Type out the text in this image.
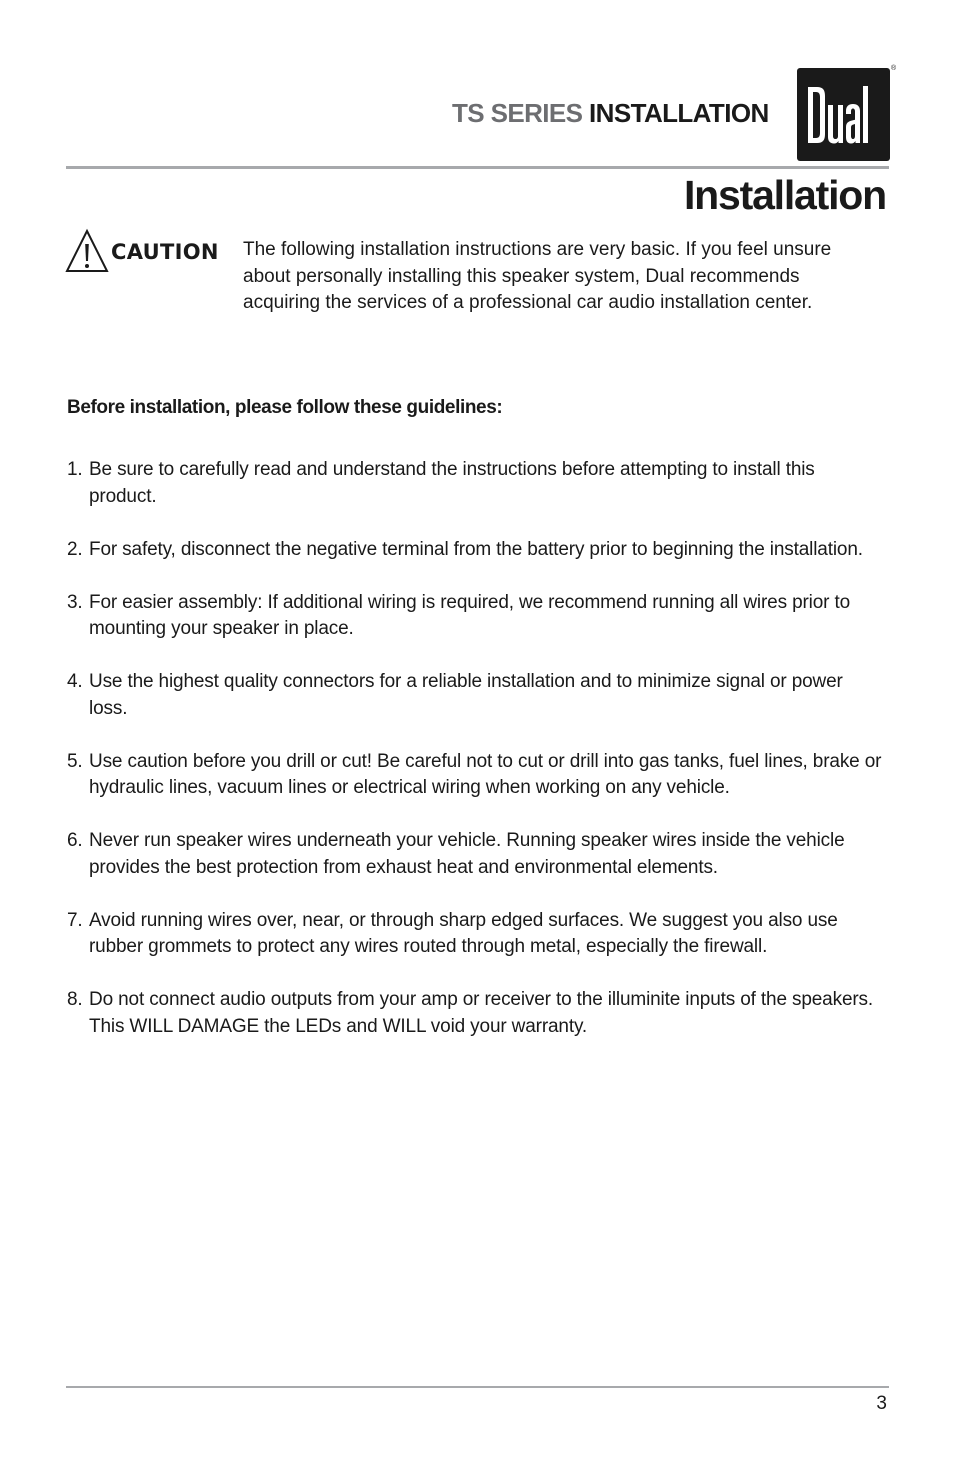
TS SERIES INSTALLATION
®
Installation
CAUTION The following installation instructions are very basic. If you feel unsure about personally installing this speaker system, Dual recommends acquiring the services of a professional car audio installation center.
Before installation, please follow these guidelines:
1. Be sure to carefully read and understand the instructions before attempting to install this product.
2. For safety, disconnect the negative terminal from the battery prior to beginning the installation.
3. For easier assembly: If additional wiring is required, we recommend running all wires prior to mounting your speaker in place.
4. Use the highest quality connectors for a reliable installation and to minimize signal or power loss.
5. Use caution before you drill or cut! Be careful not to cut or drill into gas tanks, fuel lines, brake or hydraulic lines, vacuum lines or electrical wiring when working on any vehicle.
6. Never run speaker wires underneath your vehicle. Running speaker wires inside the vehicle provides the best protection from exhaust heat and environmental elements.
7. Avoid running wires over, near, or through sharp edged surfaces. We suggest you also use rubber grommets to protect any wires routed through metal, especially the firewall.
8. Do not connect audio outputs from your amp or receiver to the illuminite inputs of the speakers. This WILL DAMAGE the LEDs and WILL void your warranty.
3
